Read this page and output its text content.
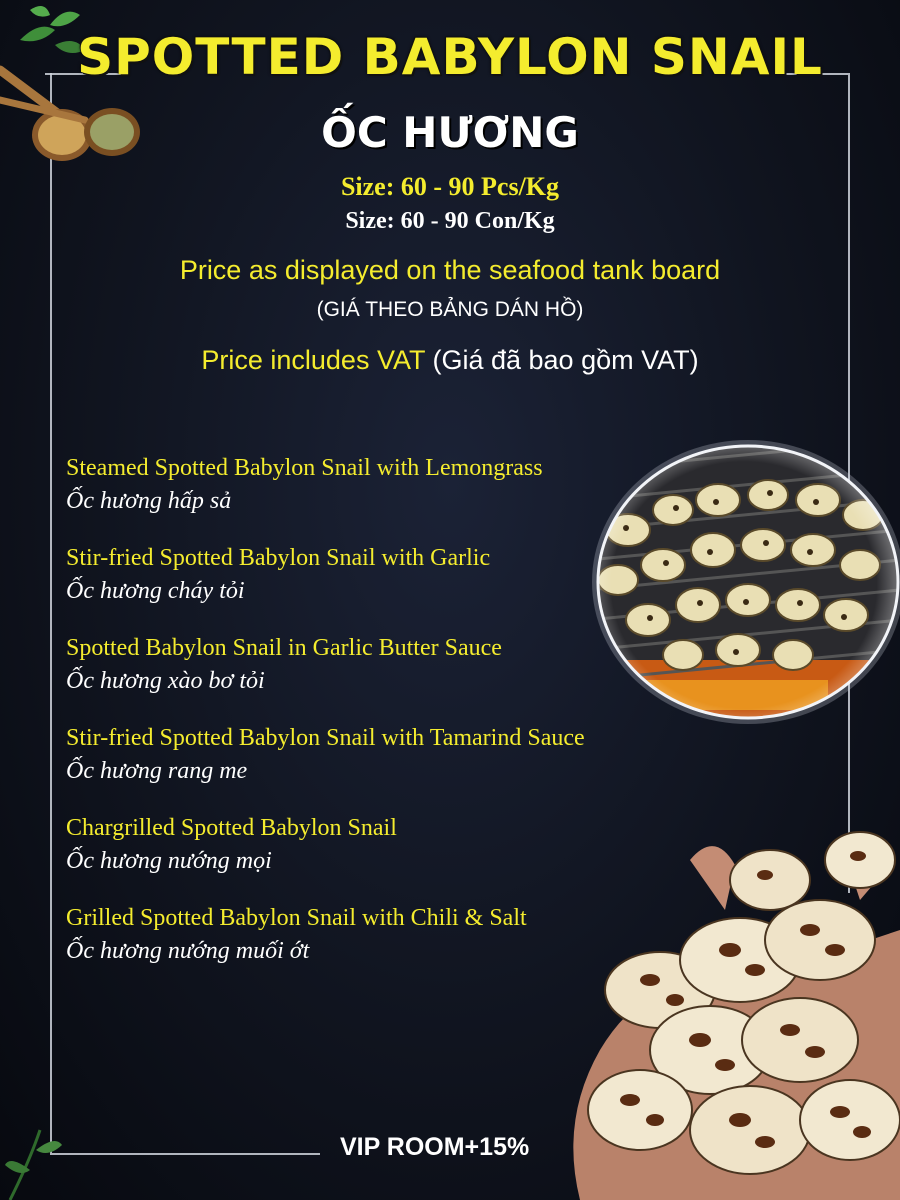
SPOTTED BABYLON SNAIL
ỐC HƯƠNG
Size: 60 - 90 Pcs/Kg
Size: 60 - 90 Con/Kg
Price as displayed on the seafood tank board
(GIÁ THEO BẢNG DÁN HỒ)
Price includes VAT (Giá đã bao gồm VAT)
Steamed Spotted Babylon Snail with Lemongrass
Ốc hương hấp sả
Stir-fried Spotted Babylon Snail with Garlic
Ốc hương cháy tỏi
Spotted Babylon Snail in Garlic Butter Sauce
Ốc hương xào bơ tỏi
Stir-fried Spotted Babylon Snail with Tamarind Sauce
Ốc hương rang me
Chargrilled Spotted Babylon Snail
Ốc hương nướng mọi
Grilled Spotted Babylon Snail with Chili & Salt
Ốc hương nướng muối ớt
VIP ROOM+15%
